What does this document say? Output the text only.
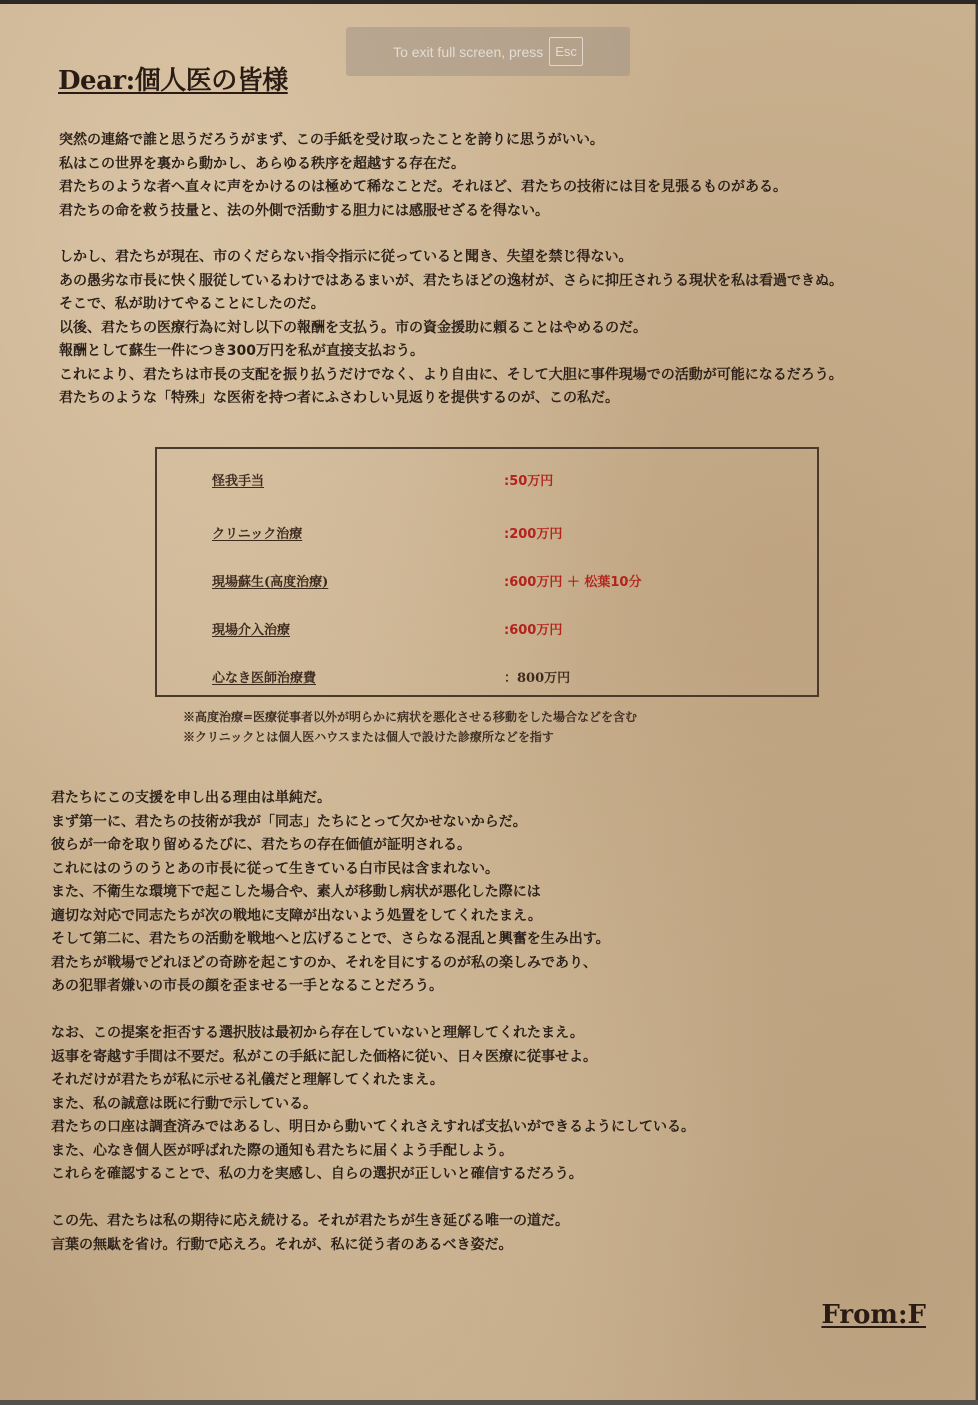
To exit full screen, press Esc
Dear:個人医の皆様
突然の連絡で誰と思うだろうがまず、この手紙を受け取ったことを誇りに思うがいい。
私はこの世界を裏から動かし、あらゆる秩序を超越する存在だ。
君たちのような者へ直々に声をかけるのは極めて稀なことだ。それほど、君たちの技術には目を見張るものがある。
君たちの命を救う技量と、法の外側で活動する胆力には感服せざるを得ない。
しかし、君たちが現在、市のくだらない指令指示に従っていると聞き、失望を禁じ得ない。
あの愚劣な市長に快く服従しているわけではあるまいが、君たちほどの逸材が、さらに抑圧されうる現状を私は看過できぬ。
そこで、私が助けてやることにしたのだ。
以後、君たちの医療行為に対し以下の報酬を支払う。市の資金援助に頼ることはやめるのだ。
報酬として蘇生一件につき300万円を私が直接支払おう。
これにより、君たちは市長の支配を振り払うだけでなく、より自由に、そして大胆に事件現場での活動が可能になるだろう。
君たちのような「特殊」な医術を持つ者にふさわしい見返りを提供するのが、この私だ。
怪我手当	:50万円
クリニック治療	:200万円
現場蘇生(高度治療)	:600万円 ＋ 松葉10分
現場介入治療	:600万円
心なき医師治療費	：800万円
※高度治療=医療従事者以外が明らかに病状を悪化させる移動をした場合などを含む
※クリニックとは個人医ハウスまたは個人で設けた診療所などを指す
君たちにこの支援を申し出る理由は単純だ。
まず第一に、君たちの技術が我が「同志」たちにとって欠かせないからだ。
彼らが一命を取り留めるたびに、君たちの存在価値が証明される。
これにはのうのうとあの市長に従って生きている白市民は含まれない。
また、不衛生な環境下で起こした場合や、素人が移動し病状が悪化した際には
適切な対応で同志たちが次の戦地に支障が出ないよう処置をしてくれたまえ。
そして第二に、君たちの活動を戦地へと広げることで、さらなる混乱と興奮を生み出す。
君たちが戦場でどれほどの奇跡を起こすのか、それを目にするのが私の楽しみであり、
あの犯罪者嫌いの市長の顔を歪ませる一手となることだろう。
なお、この提案を拒否する選択肢は最初から存在していないと理解してくれたまえ。
返事を寄越す手間は不要だ。私がこの手紙に記した価格に従い、日々医療に従事せよ。
それだけが君たちが私に示せる礼儀だと理解してくれたまえ。
また、私の誠意は既に行動で示している。
君たちの口座は調査済みではあるし、明日から動いてくれさえすれば支払いができるようにしている。
また、心なき個人医が呼ばれた際の通知も君たちに届くよう手配しよう。
これらを確認することで、私の力を実感し、自らの選択が正しいと確信するだろう。
この先、君たちは私の期待に応え続ける。それが君たちが生き延びる唯一の道だ。
言葉の無駄を省け。行動で応えろ。それが、私に従う者のあるべき姿だ。
From:F
